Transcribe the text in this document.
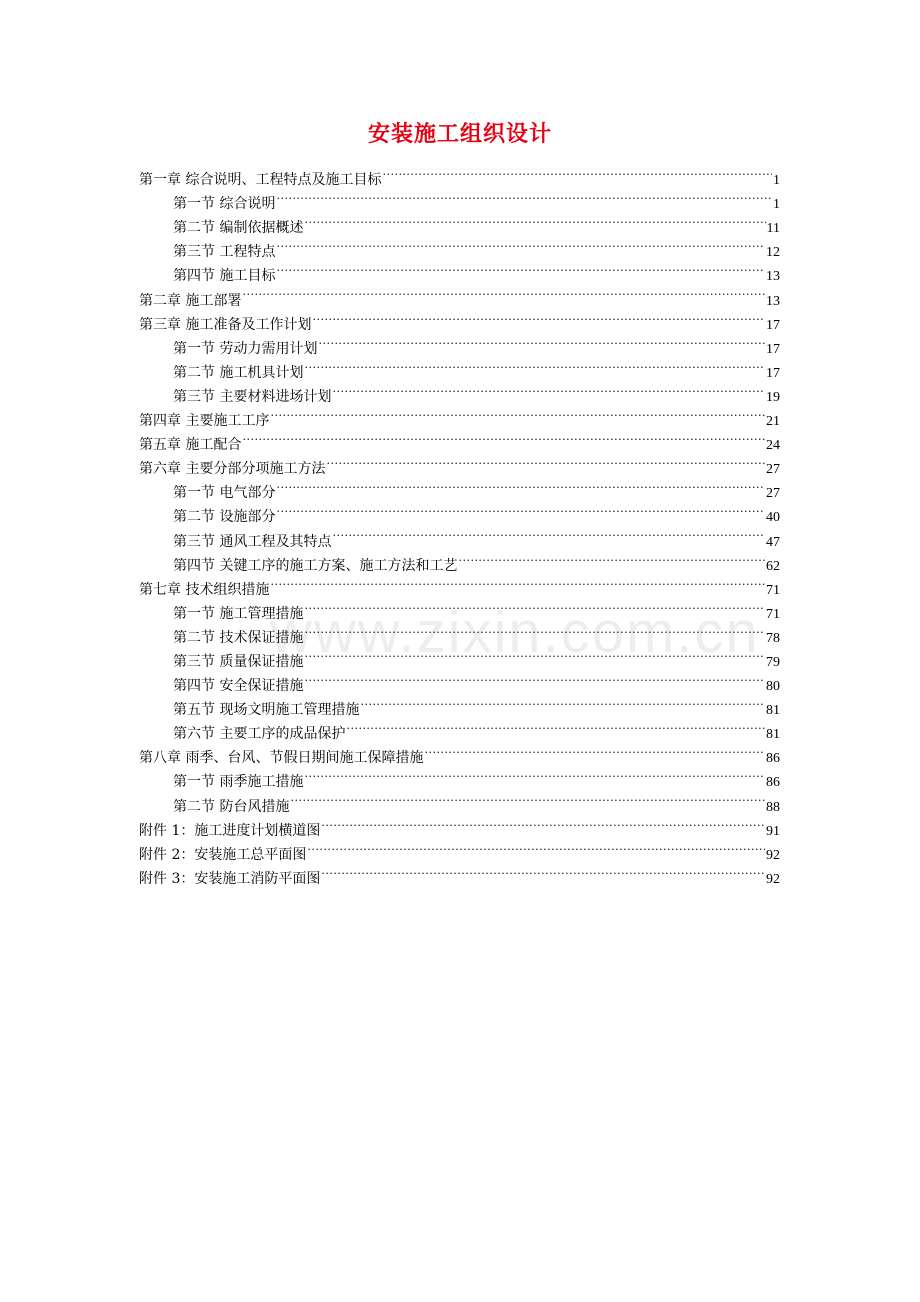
安装施工组织设计
第一章 综合说明、工程特点及施工目标 .....	1
第一节 综合说明 .....	1
第二节 编制依据概述 .....	11
第三节 工程特点 .....	12
第四节 施工目标 .....	13
第二章 施工部署 .....	13
第三章 施工准备及工作计划 .....	17
第一节 劳动力需用计划 .....	17
第二节 施工机具计划 .....	17
第三节 主要材料进场计划 .....	19
第四章 主要施工工序 .....	21
第五章 施工配合 .....	24
第六章 主要分部分项施工方法 .....	27
第一节 电气部分 .....	27
第二节 设施部分 .....	40
第三节 通风工程及其特点 .....	47
第四节 关键工序的施工方案、施工方法和工艺 .....	62
第七章 技术组织措施 .....	71
第一节 施工管理措施 .....	71
第二节 技术保证措施 .....	78
第三节 质量保证措施 .....	79
第四节 安全保证措施 .....	80
第五节 现场文明施工管理措施 .....	81
第六节 主要工序的成品保护 .....	81
第八章 雨季、台风、节假日期间施工保障措施 .....	86
第一节 雨季施工措施 .....	86
第二节 防台风措施 .....	88
附件 1：施工进度计划横道图 .....	91
附件 2：安装施工总平面图 .....	92
附件 3：安装施工消防平面图 .....	92
www.zixin.com.cn
